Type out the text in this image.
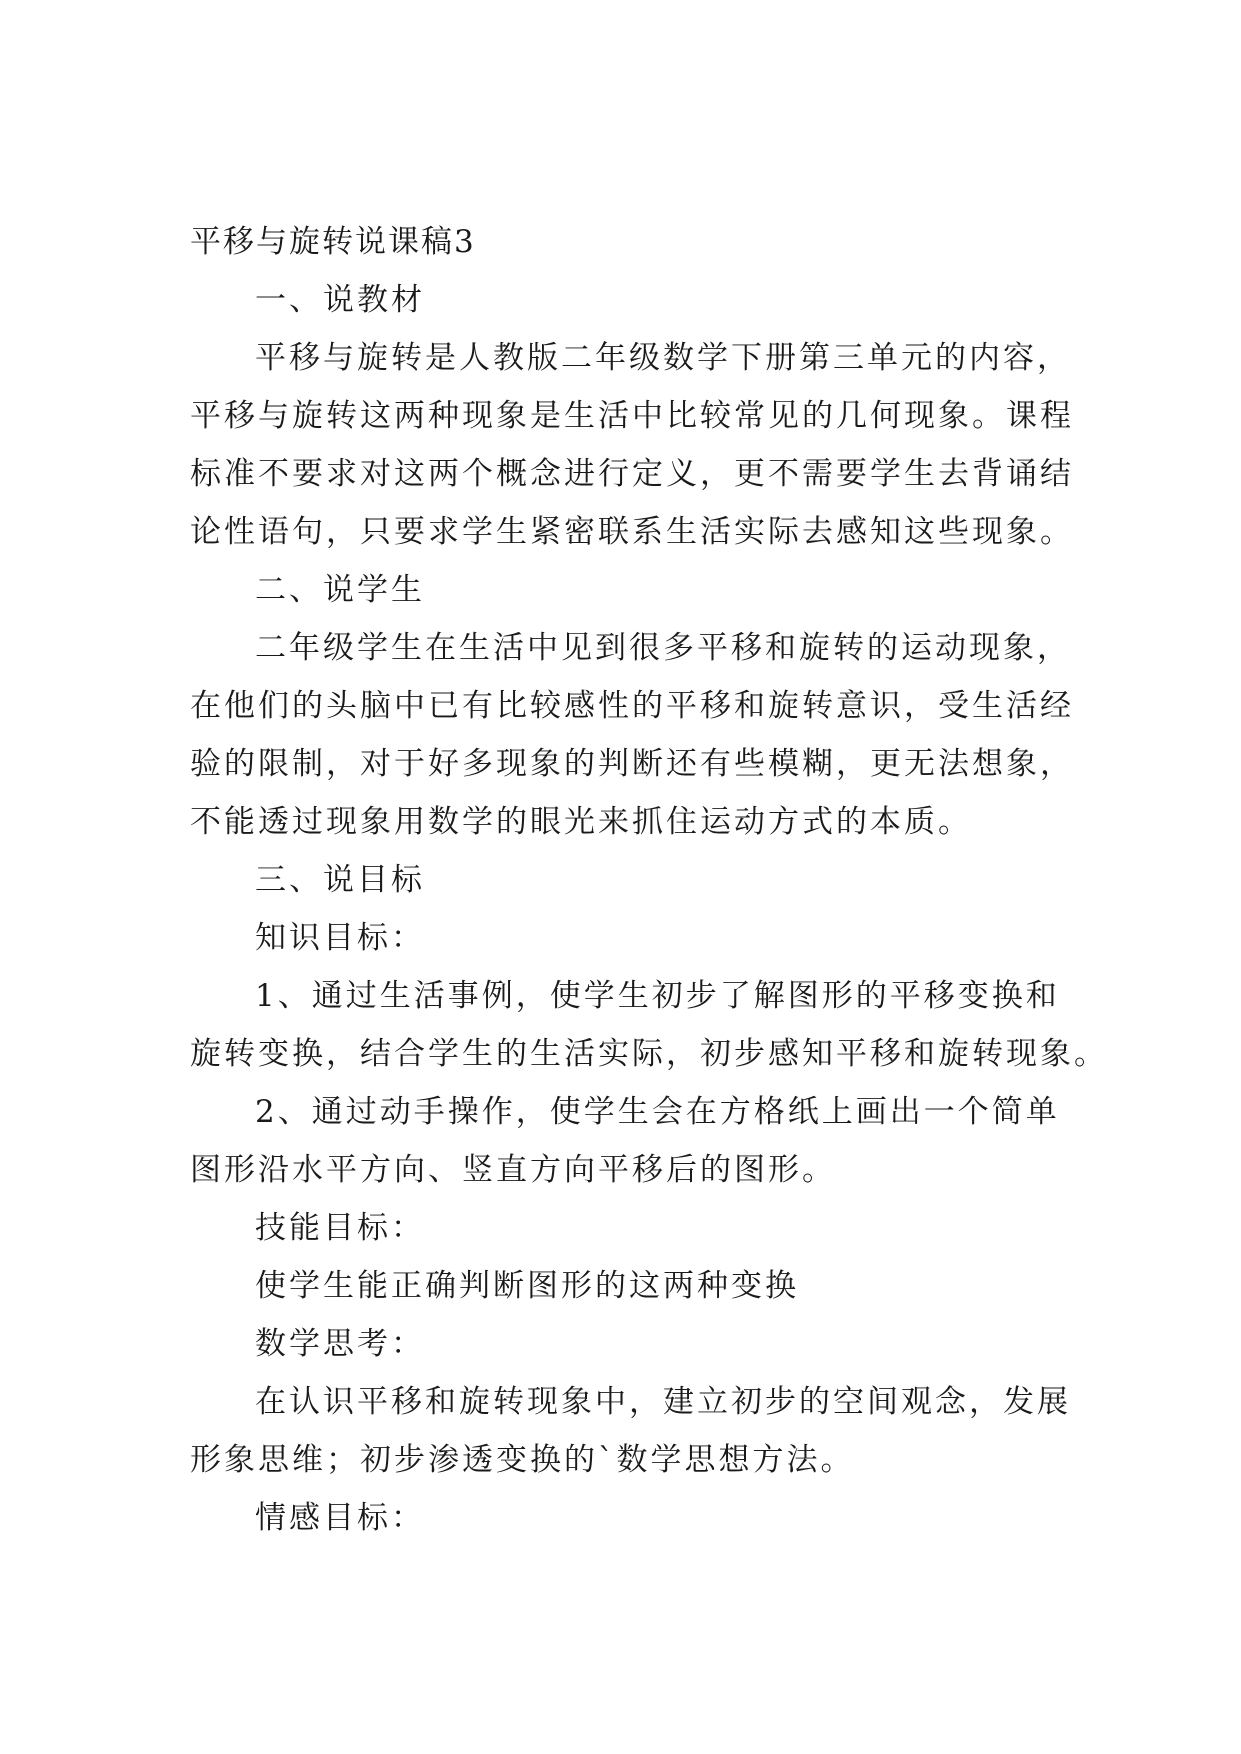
平移与旋转说课稿3
一、说教材
平移与旋转是人教版二年级数学下册第三单元的内容，
平移与旋转这两种现象是生活中比较常见的几何现象。课程
标准不要求对这两个概念进行定义，更不需要学生去背诵结
论性语句，只要求学生紧密联系生活实际去感知这些现象。
二、说学生
二年级学生在生活中见到很多平移和旋转的运动现象，
在他们的头脑中已有比较感性的平移和旋转意识，受生活经
验的限制，对于好多现象的判断还有些模糊，更无法想象，
不能透过现象用数学的眼光来抓住运动方式的本质。
三、说目标
知识目标：
1、通过生活事例，使学生初步了解图形的平移变换和
旋转变换，结合学生的生活实际，初步感知平移和旋转现象。
2、通过动手操作，使学生会在方格纸上画出一个简单
图形沿水平方向、竖直方向平移后的图形。
技能目标：
使学生能正确判断图形的这两种变换
数学思考：
在认识平移和旋转现象中，建立初步的空间观念，发展
形象思维；初步渗透变换的`数学思想方法。
情感目标：
